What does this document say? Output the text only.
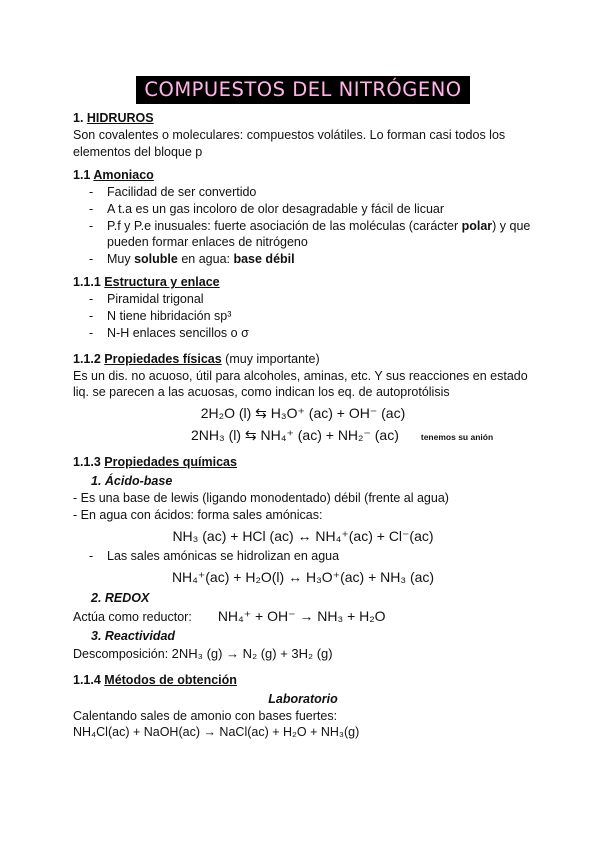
COMPUESTOS DEL NITRÓGENO

1. HIDRUROS

Son covalentes o moleculares: compuestos volátiles. Lo forman casi todos los elementos del bloque p

1.1 Amoniaco

- Facilidad de ser convertido
- A t.a es un gas incoloro de olor desagradable y fácil de licuar
- P.f y P.e inusuales: fuerte asociación de las moléculas (carácter polar) y que pueden formar enlaces de nitrógeno
- Muy soluble en agua: base débil

1.1.1 Estructura y enlace

- Piramidal trigonal
- N tiene hibridación sp³
- N-H enlaces sencillos o σ

1.1.2 Propiedades físicas (muy importante)

Es un dis. no acuoso, útil para alcoholes, aminas, etc. Y sus reacciones en estado liq. se parecen a las acuosas, como indican los eq. de autoprotólisis

2H₂O (l) ⇆ H₃O⁺ (ac) + OH⁻ (ac)

2NH₃ (l) ⇆ NH₄⁺ (ac) + NH₂⁻ (ac)	tenemos su anión

1.1.3 Propiedades químicas

1. Ácido-base

- Es una base de lewis (ligando monodentado) débil (frente al agua)

- En agua con ácidos: forma sales amónicas:

NH₃ (ac) + HCl (ac) ↔ NH₄⁺(ac) + Cl⁻(ac)

- Las sales amónicas se hidrolizan en agua

NH₄⁺(ac) + H₂O(l) ↔ H₃O⁺(ac) + NH₃ (ac)

2. REDOX

Actúa como reductor: NH₄⁺ + OH⁻ → NH₃ + H₂O

3. Reactividad

Descomposición: 2NH₃ (g) → N₂ (g) + 3H₂ (g)

1.1.4 Métodos de obtención

Laboratorio

Calentando sales de amonio con bases fuertes:

NH₄Cl(ac) + NaOH(ac) → NaCl(ac) + H₂O + NH₃(g)
